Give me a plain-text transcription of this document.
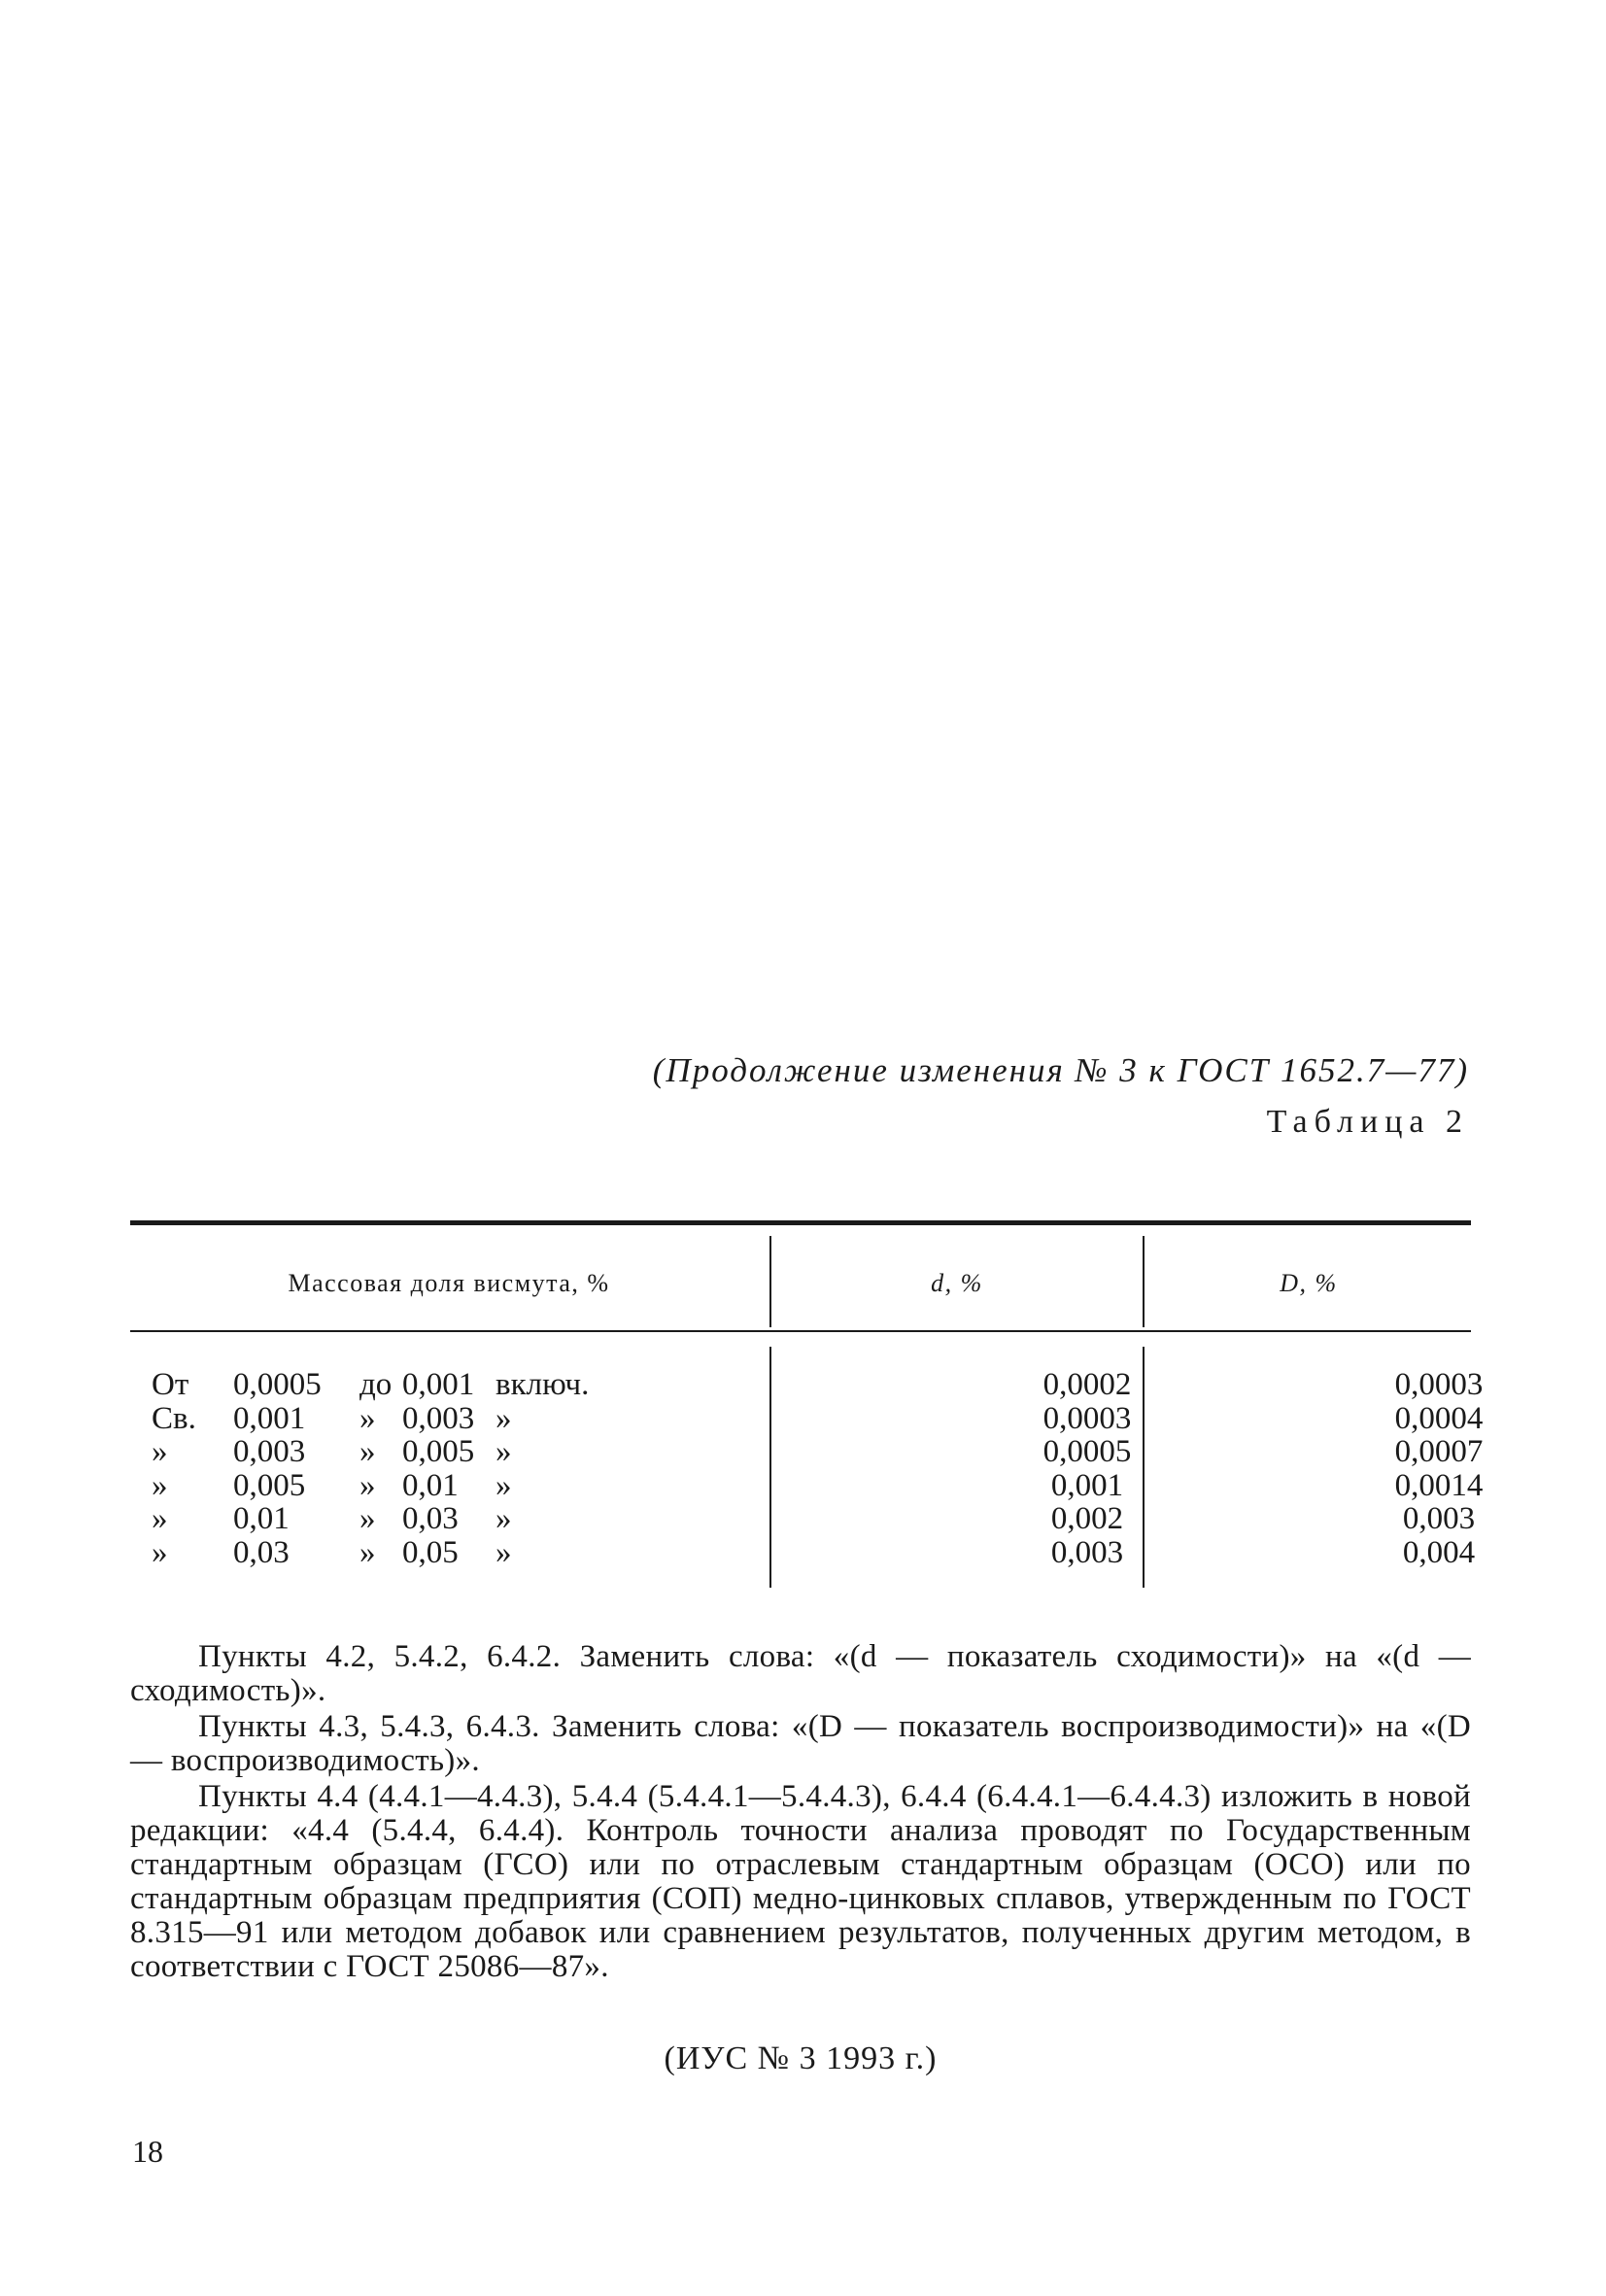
(Продолжение изменения № 3 к ГОСТ 1652.7—77)
Таблица 2
Массовая доля висмута, %	d, %	D, %
От 0,0005 до 0,001 включ.	0,0002	0,0003
Св. 0,001 » 0,003 »	0,0003	0,0004
» 0,003 » 0,005 »	0,0005	0,0007
» 0,005 » 0,01 »	0,001	0,0014
» 0,01 » 0,03 »	0,002	0,003
» 0,03 » 0,05 »	0,003	0,004

Пункты 4.2, 5.4.2, 6.4.2. Заменить слова: «(d — показатель сходимости)» на «(d — сходимость)».

Пункты 4.3, 5.4.3, 6.4.3. Заменить слова: «(D — показатель воспроизводимости)» на «(D — воспроизводимость)».

Пункты 4.4 (4.4.1—4.4.3), 5.4.4 (5.4.4.1—5.4.4.3), 6.4.4 (6.4.4.1—6.4.4.3) изложить в новой редакции: «4.4 (5.4.4, 6.4.4). Контроль точности анализа проводят по Государственным стандартным образцам (ГСО) или по отраслевым стандартным образцам (ОСО) или по стандартным образцам предприятия (СОП) медно-цинковых сплавов, утвержденным по ГОСТ 8.315—91 или методом добавок или сравнением результатов, полученных другим методом, в соответствии с ГОСТ 25086—87».

(ИУС № 3 1993 г.)
18
